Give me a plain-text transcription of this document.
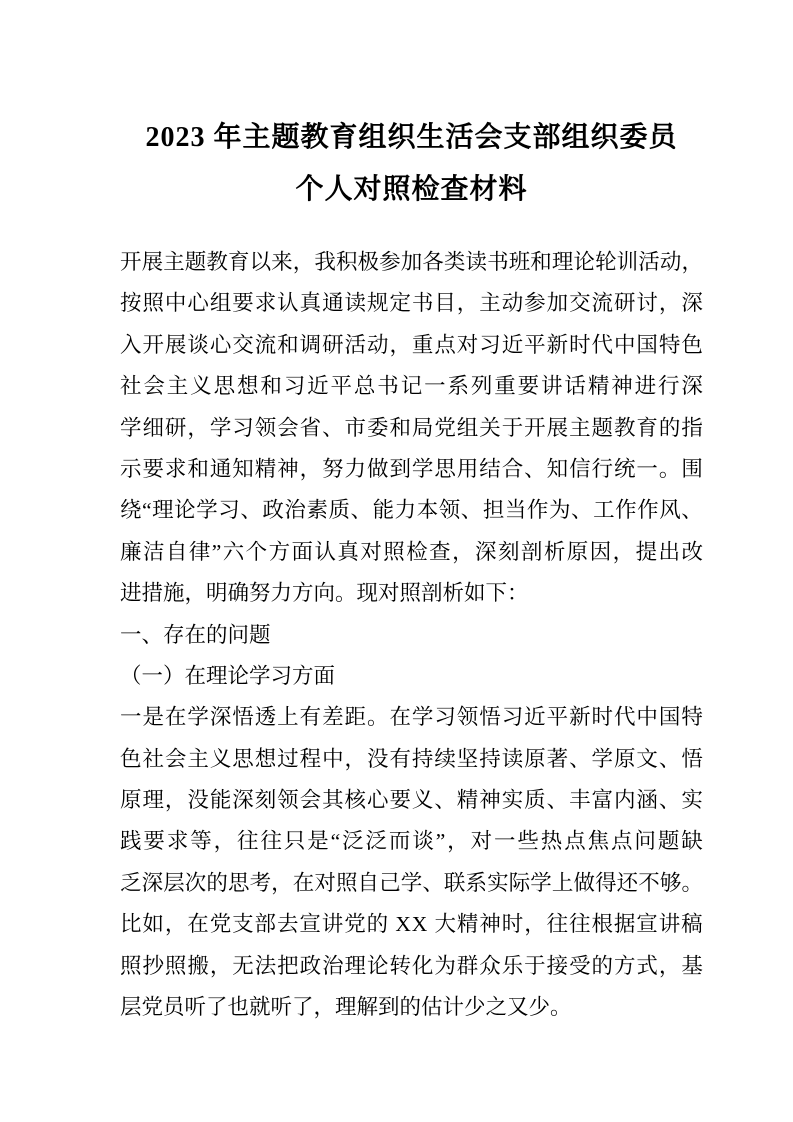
2023 年主题教育组织生活会支部组织委员
个人对照检查材料
开 展 主 题 教 育 以 来 ， 我 积 极 参 加 各 类 读 书 班 和 理 论 轮 训 活 动 ，
按 照 中 心 组 要 求 认 真 通 读 规 定 书 目 ， 主 动 参 加 交 流 研 讨 ， 深
入 开 展 谈 心 交 流 和 调 研 活 动 ， 重 点 对 习 近 平 新 时 代 中 国 特 色
社 会 主 义 思 想 和 习 近 平 总 书 记 一 系 列 重 要 讲 话 精 神 进 行 深
学 细 研 ， 学 习 领 会 省 、 市 委 和 局 党 组 关 于 开 展 主 题 教 育 的 指
示 要 求 和 通 知 精 神 ， 努 力 做 到 学 思 用 结 合 、 知 信 行 统 一 。 围
绕 “ 理 论 学 习 、 政 治 素 质 、 能 力 本 领 、 担 当 作 为 、 工 作 作 风 、
廉 洁 自 律 ” 六 个 方 面 认 真 对 照 检 查 ， 深 刻 剖 析 原 因 ， 提 出 改
进措施，明确努力方向。现对照剖析如下：
一、存在的问题
（一）在理论学习方面
一 是 在 学 深 悟 透 上 有 差 距 。 在 学 习 领 悟 习 近 平 新 时 代 中 国 特
色 社 会 主 义 思 想 过 程 中 ， 没 有 持 续 坚 持 读 原 著 、 学 原 文 、 悟
原 理 ， 没 能 深 刻 领 会 其 核 心 要 义 、 精 神 实 质 、 丰 富 内 涵 、 实
践 要 求 等 ， 往 往 只 是 “ 泛 泛 而 谈 ” ， 对 一 些 热 点 焦 点 问 题 缺
乏 深 层 次 的 思 考 ， 在 对 照 自 己 学 、 联 系 实 际 学 上 做 得 还 不 够 。
比 如 ， 在 党 支 部 去 宣 讲 党 的
X X
大 精 神 时 ， 往 往 根 据 宣 讲 稿
照 抄 照 搬 ， 无 法 把 政 治 理 论 转 化 为 群 众 乐 于 接 受 的 方 式 ， 基
层党员听了也就听了，理解到的估计少之又少。
